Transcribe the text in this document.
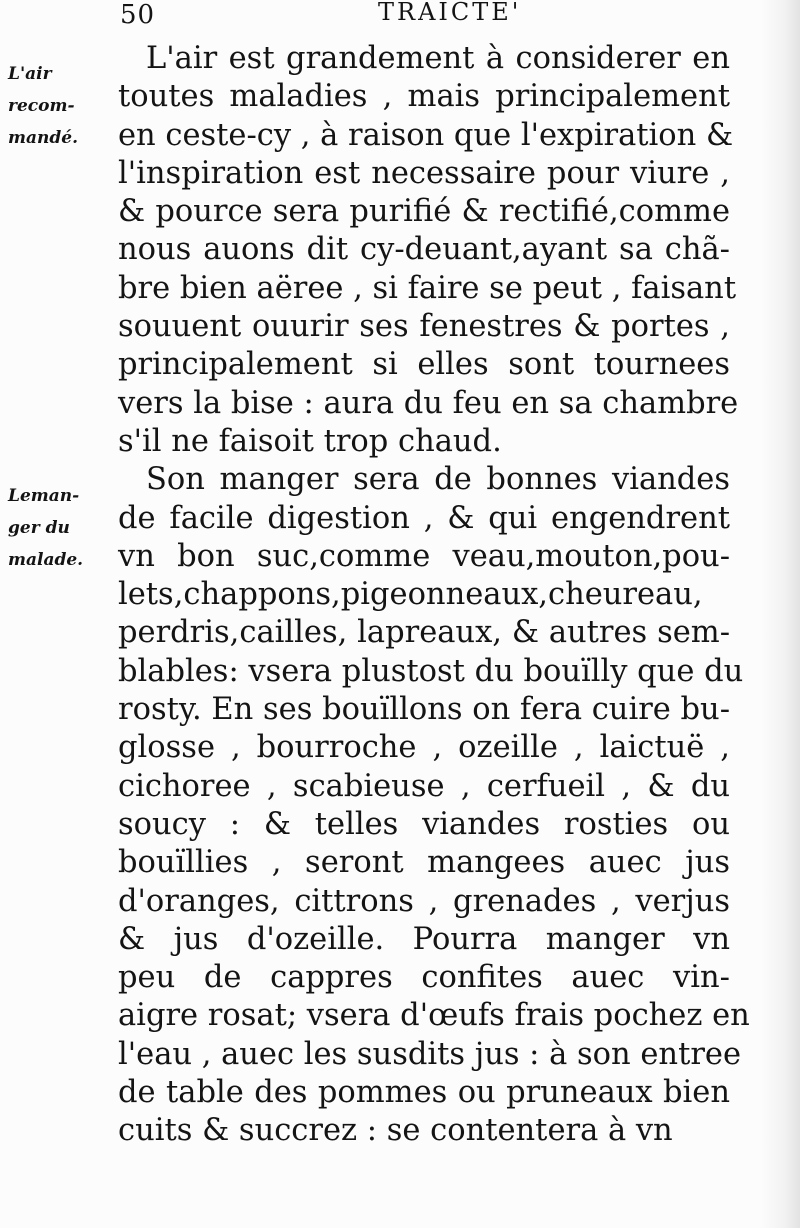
50	TRAICTE'
L'air
recom-
mandé.
Leman-
ger du
malade.
L'air est grandement à considerer en
toutes maladies , mais principalement
en ceste-cy , à raison que l'expiration &
l'inspiration est necessaire pour viure ,
& pource sera purifié & rectifié,comme
nous auons dit cy-deuant,ayant sa chã-
bre bien aëree , si faire se peut , faisant
souuent ouurir ses fenestres & portes ,
principalement si elles sont tournees
vers la bise : aura du feu en sa chambre
s'il ne faisoit trop chaud.
Son manger sera de bonnes viandes
de facile digestion , & qui engendrent
vn bon suc,comme veau,mouton,pou-
lets,chappons,pigeonneaux,cheureau,
perdris,cailles, lapreaux, & autres sem-
blables: vsera plustost du bouïlly que du
rosty. En ses bouïllons on fera cuire bu-
glosse , bourroche , ozeille , laictuë ,
cichoree , scabieuse , cerfueil , & du
soucy : & telles viandes rosties ou
bouïllies , seront mangees auec jus
d'oranges, cittrons , grenades , verjus
& jus d'ozeille. Pourra manger vn
peu de cappres confites auec vin-
aigre rosat; vsera d'œufs frais pochez en
l'eau , auec les susdits jus : à son entree
de table des pommes ou pruneaux bien
cuits & succrez : se contentera à vn
